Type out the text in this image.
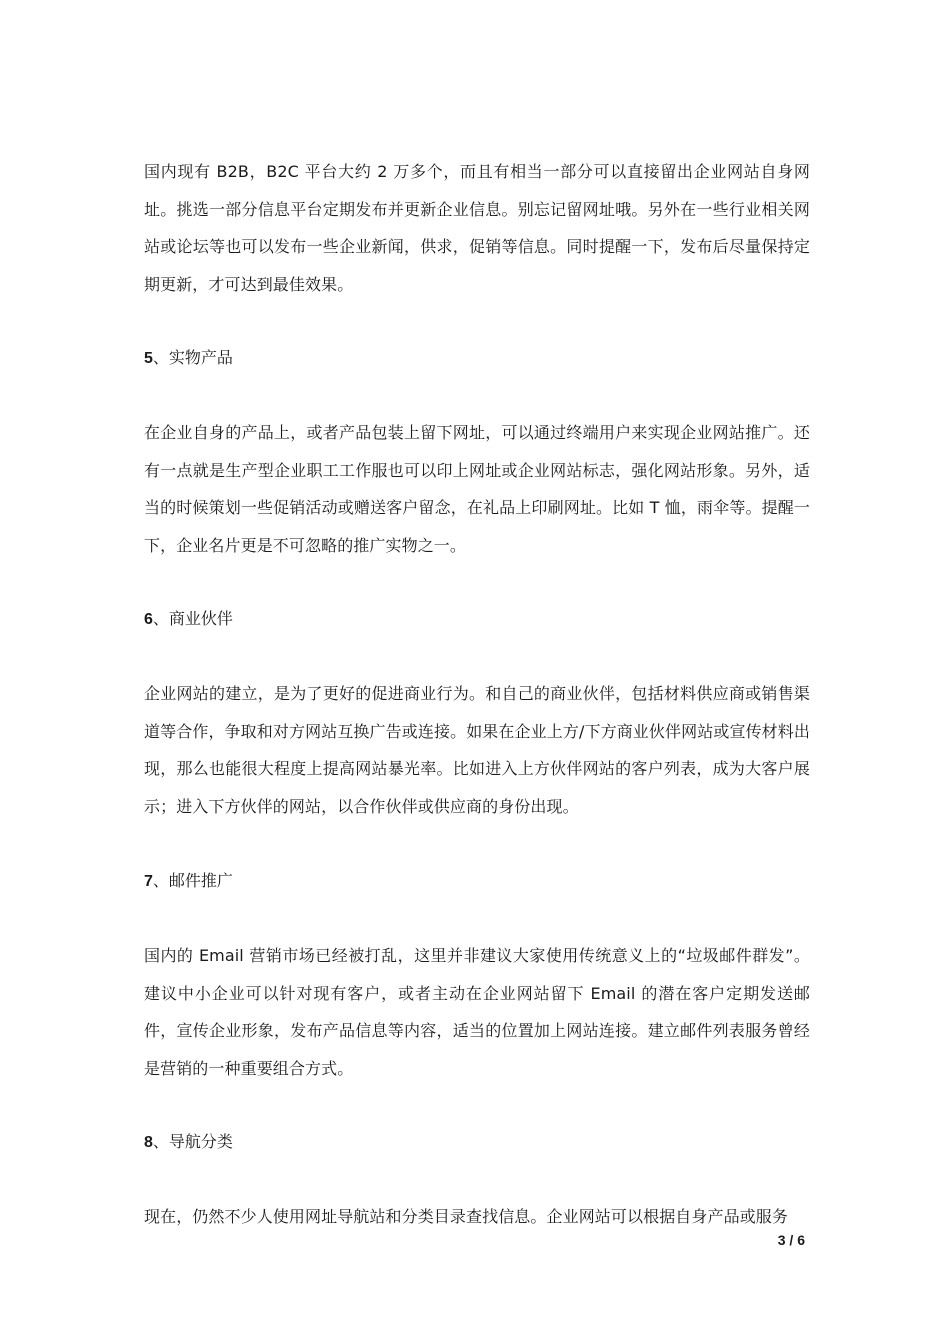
国内现有 B2B，B2C 平台大约 2 万多个，而且有相当一部分可以直接留出企业网站自身网址。挑选一部分信息平台定期发布并更新企业信息。别忘记留网址哦。另外在一些行业相关网站或论坛等也可以发布一些企业新闻，供求，促销等信息。同时提醒一下，发布后尽量保持定期更新，才可达到最佳效果。

5、实物产品

在企业自身的产品上，或者产品包装上留下网址，可以通过终端用户来实现企业网站推广。还有一点就是生产型企业职工工作服也可以印上网址或企业网站标志，强化网站形象。另外，适当的时候策划一些促销活动或赠送客户留念，在礼品上印刷网址。比如 T 恤，雨伞等。提醒一下，企业名片更是不可忽略的推广实物之一。

6、商业伙伴

企业网站的建立，是为了更好的促进商业行为。和自己的商业伙伴，包括材料供应商或销售渠道等合作，争取和对方网站互换广告或连接。如果在企业上方/下方商业伙伴网站或宣传材料出现，那么也能很大程度上提高网站暴光率。比如进入上方伙伴网站的客户列表，成为大客户展示；进入下方伙伴的网站，以合作伙伴或供应商的身份出现。

7、邮件推广

国内的 Email 营销市场已经被打乱，这里并非建议大家使用传统意义上的“垃圾邮件群发”。建议中小企业可以针对现有客户，或者主动在企业网站留下 Email 的潜在客户定期发送邮件，宣传企业形象，发布产品信息等内容，适当的位置加上网站连接。建立邮件列表服务曾经是营销的一种重要组合方式。

8、导航分类

现在，仍然不少人使用网址导航站和分类目录查找信息。企业网站可以根据自身产品或服务

3 / 6
